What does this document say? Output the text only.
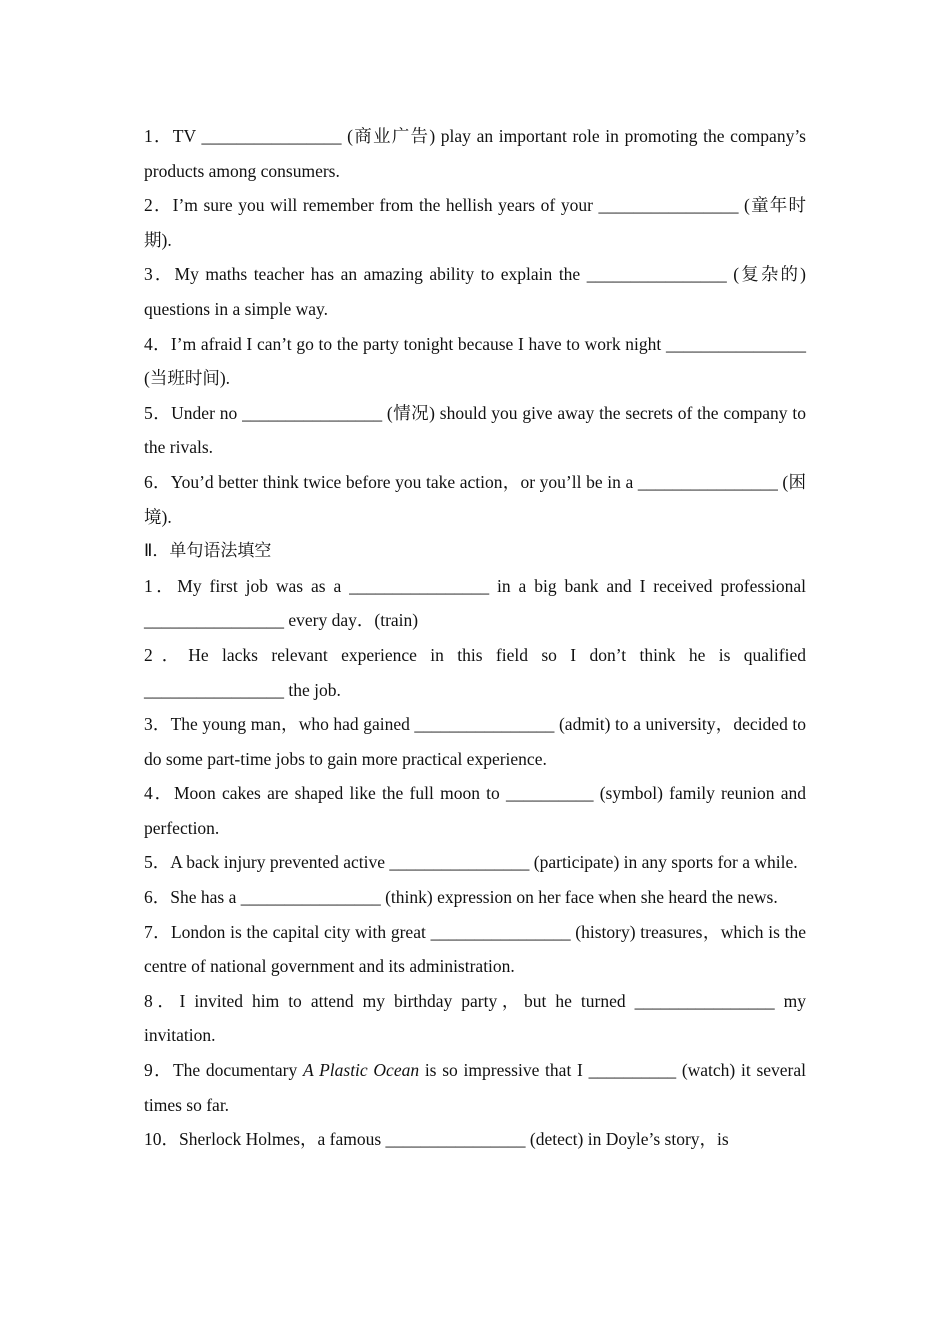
1．TV ________________ (商业广告) play an important role in promoting the company’s products among consumers.

2．I’m sure you will remember from the hellish years of your ________________ (童年时期).

3．My maths teacher has an amazing ability to explain the ________________ (复杂的) questions in a simple way.

4．I’m afraid I can’t go to the party tonight because I have to work night ________________ (当班时间).

5．Under no ________________ (情况) should you give away the secrets of the company to the rivals.

6．You’d better think twice before you take action，or you’ll be in a ________________ (困境).

Ⅱ．单句语法填空

1．My first job was as a ________________ in a big bank and I received professional ________________ every day．(train)

2．He lacks relevant experience in this field so I don’t think he is qualified ________________ the job.

3．The young man，who had gained ________________ (admit) to a university，decided to do some part-time jobs to gain more practical experience.

4．Moon cakes are shaped like the full moon to __________ (symbol) family reunion and perfection.

5．A back injury prevented active ________________ (participate) in any sports for a while.

6．She has a ________________ (think) expression on her face when she heard the news.

7．London is the capital city with great ________________ (history) treasures，which is the centre of national government and its administration.

8．I invited him to attend my birthday party，but he turned ________________ my invitation.

9．The documentary A Plastic Ocean is so impressive that I __________ (watch) it several times so far.

10．Sherlock Holmes，a famous ________________ (detect) in Doyle’s story，is
